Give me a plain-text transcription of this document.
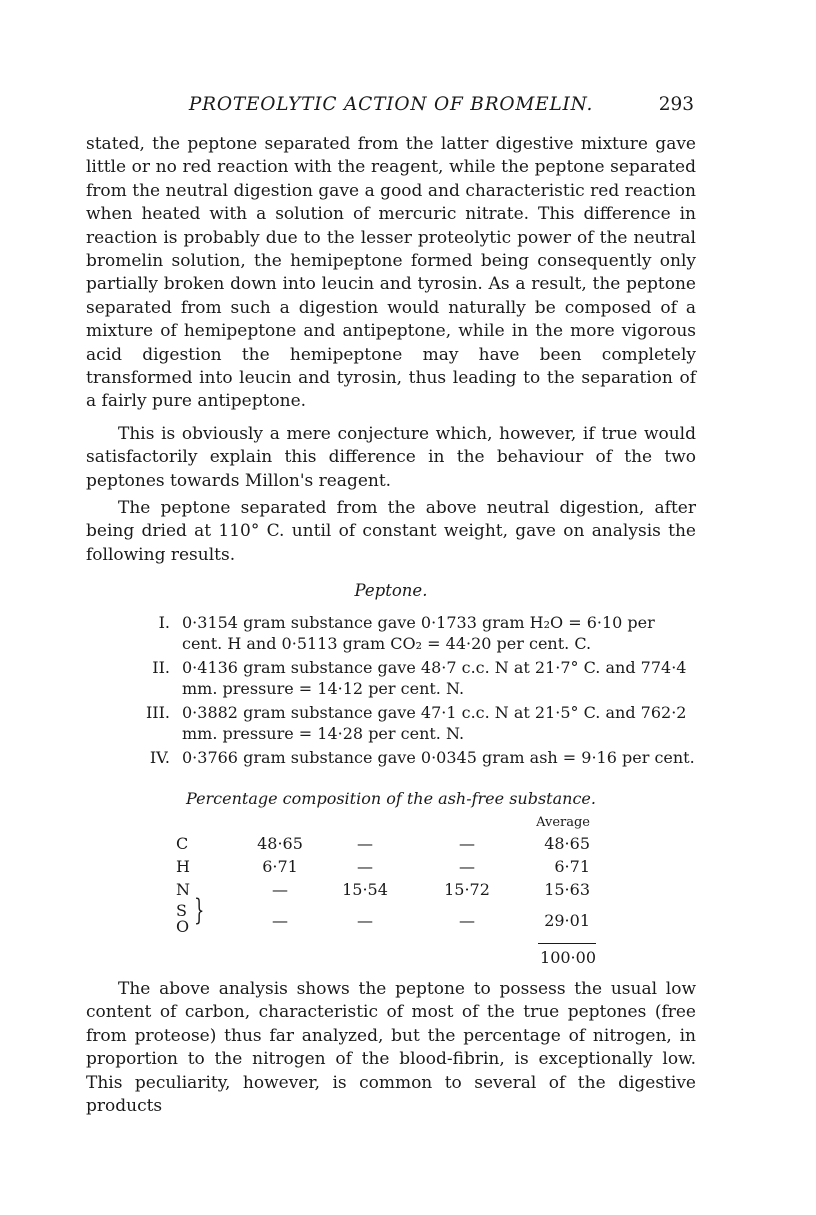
PROTEOLYTIC ACTION OF BROMELIN.	293

stated, the peptone separated from the latter digestive mixture gave little or no red reaction with the reagent, while the peptone separated from the neutral digestion gave a good and characteristic red reaction when heated with a solution of mercuric nitrate. This difference in reaction is probably due to the lesser proteolytic power of the neutral bromelin solution, the hemipeptone formed being consequently only partially broken down into leucin and tyrosin. As a result, the peptone separated from such a digestion would naturally be composed of a mixture of hemipeptone and antipeptone, while in the more vigorous acid digestion the hemipeptone may have been completely transformed into leucin and tyrosin, thus leading to the separation of a fairly pure antipeptone.

This is obviously a mere conjecture which, however, if true would satisfactorily explain this difference in the behaviour of the two peptones towards Millon's reagent.

The peptone separated from the above neutral digestion, after being dried at 110° C. until of constant weight, gave on analysis the following results.

Peptone.
I. 0·3154 gram substance gave 0·1733 gram H₂O = 6·10 per cent. H and 0·5113 gram CO₂ = 44·20 per cent. C.
II. 0·4136 gram substance gave 48·7 c.c. N at 21·7° C. and 774·4 mm. pressure = 14·12 per cent. N.
III. 0·3882 gram substance gave 47·1 c.c. N at 21·5° C. and 762·2 mm. pressure = 14·28 per cent. N.
IV. 0·3766 gram substance gave 0·0345 gram ash = 9·16 per cent.
Percentage composition of the ash-free substance.
Average
C	48·65	—	—	48·65
H	6·71	—	—	6·71
N	—	15·54	15·72	15·63
S }
O	—	—	—	29·01
100·00

The above analysis shows the peptone to possess the usual low content of carbon, characteristic of most of the true peptones (free from proteose) thus far analyzed, but the percentage of nitrogen, in proportion to the nitrogen of the blood-fibrin, is exceptionally low. This peculiarity, however, is common to several of the digestive products
